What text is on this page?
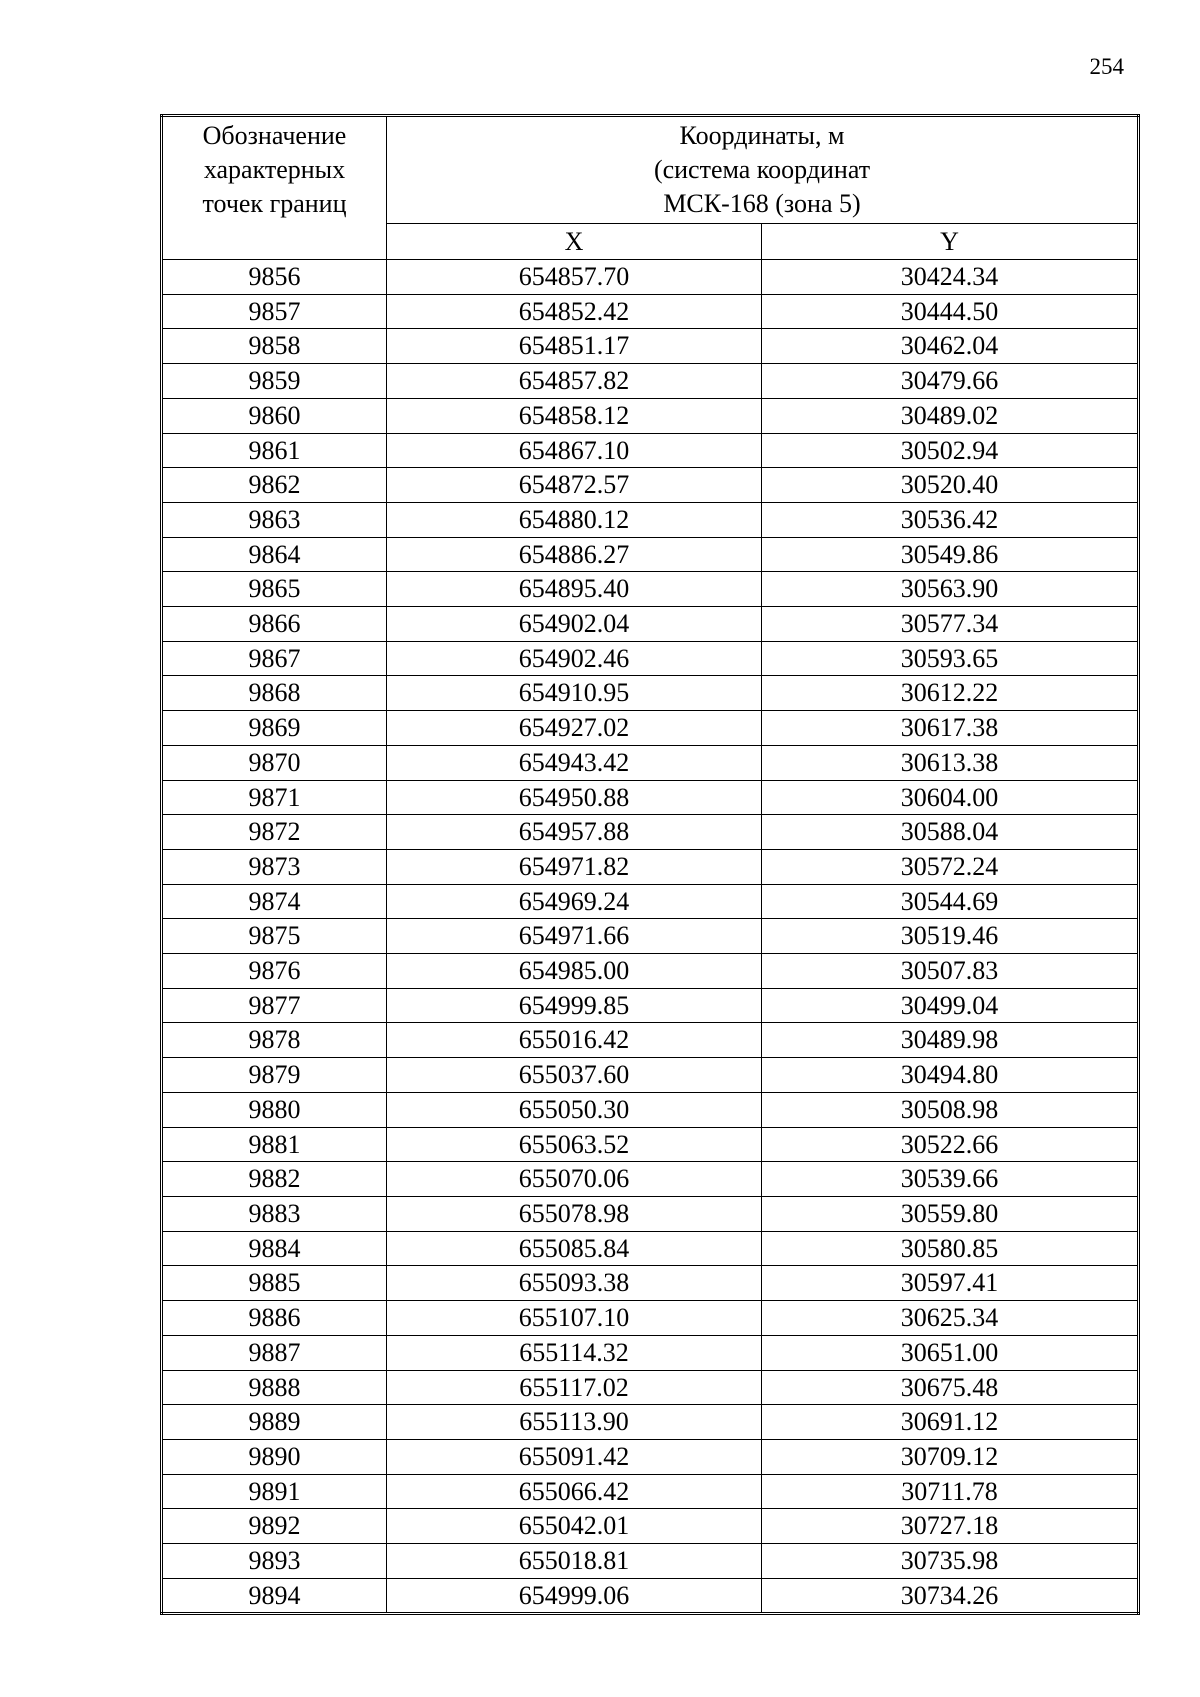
254
Обозначение
характерных
точек границ	Координаты, м
(система координат
МСК-168 (зона 5)	

	X	Y
9856	654857.70	30424.34
9857	654852.42	30444.50
9858	654851.17	30462.04
9859	654857.82	30479.66
9860	654858.12	30489.02
9861	654867.10	30502.94
9862	654872.57	30520.40
9863	654880.12	30536.42
9864	654886.27	30549.86
9865	654895.40	30563.90
9866	654902.04	30577.34
9867	654902.46	30593.65
9868	654910.95	30612.22
9869	654927.02	30617.38
9870	654943.42	30613.38
9871	654950.88	30604.00
9872	654957.88	30588.04
9873	654971.82	30572.24
9874	654969.24	30544.69
9875	654971.66	30519.46
9876	654985.00	30507.83
9877	654999.85	30499.04
9878	655016.42	30489.98
9879	655037.60	30494.80
9880	655050.30	30508.98
9881	655063.52	30522.66
9882	655070.06	30539.66
9883	655078.98	30559.80
9884	655085.84	30580.85
9885	655093.38	30597.41
9886	655107.10	30625.34
9887	655114.32	30651.00
9888	655117.02	30675.48
9889	655113.90	30691.12
9890	655091.42	30709.12
9891	655066.42	30711.78
9892	655042.01	30727.18
9893	655018.81	30735.98
9894	654999.06	30734.26
